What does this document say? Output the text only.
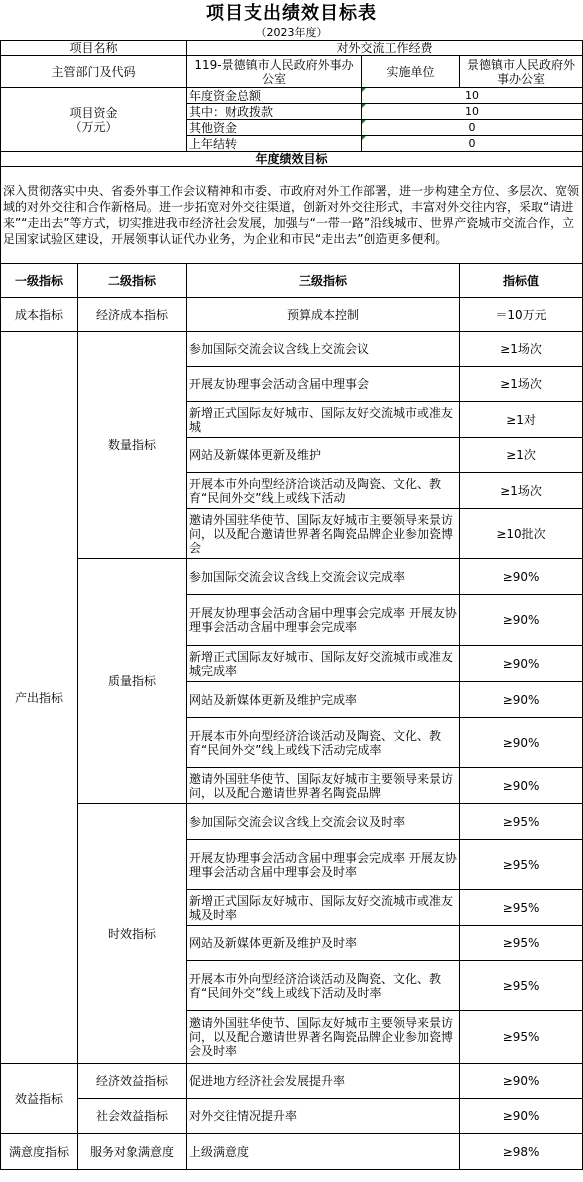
项目支出绩效目标表
（2023年度）
项目名称		对外交流工作经费		
主管部门及代码		119-景德镇市人民政府外事办公室	实施单位	景德镇市人民政府外事办公室
项目资金
（万元）		年度资金总额	10	
		其中：财政拨款	10	
		其他资金	0	
		上年结转	0	
年度绩效目标				
深入贯彻落实中央、省委外事工作会议精神和市委、市政府对外工作部署，进一步构建全方位、多层次、宽领域的对外交往和合作新格局。进一步拓宽对外交往渠道，创新对外交往形式，丰富对外交往内容，采取“请进来”“走出去”等方式，切实推进我市经济社会发展，加强与“一带一路”沿线城市、世界产瓷城市交流合作，立足国家试验区建设，开展领事认证代办业务，为企业和市民“走出去”创造更多便利。				
一级指标	二级指标	三级指标		指标值
成本指标	经济成本指标	预算成本控制		＝10万元
产出指标	数量指标	参加国际交流会议含线上交流会议		≥1场次
		开展友协理事会活动含届中理事会		≥1场次
		新增正式国际友好城市、国际友好交流城市或准友城		≥1对
		网站及新媒体更新及维护		≥1次
		开展本市外向型经济洽谈活动及陶瓷、文化、教育“民间外交”线上或线下活动		≥1场次
		邀请外国驻华使节、国际友好城市主要领导来景访问，以及配合邀请世界著名陶瓷品牌企业参加瓷博会		≥10批次
	质量指标	参加国际交流会议含线上交流会议完成率		≥90%
		开展友协理事会活动含届中理事会完成率 开展友协理事会活动含届中理事会完成率		≥90%
		新增正式国际友好城市、国际友好交流城市或准友城完成率		≥90%
		网站及新媒体更新及维护完成率		≥90%
		开展本市外向型经济洽谈活动及陶瓷、文化、教育“民间外交”线上或线下活动完成率		≥90%
		邀请外国驻华使节、国际友好城市主要领导来景访问，以及配合邀请世界著名陶瓷品牌		≥90%
	时效指标	参加国际交流会议含线上交流会议及时率		≥95%
		开展友协理事会活动含届中理事会完成率 开展友协理事会活动含届中理事会及时率		≥95%
		新增正式国际友好城市、国际友好交流城市或准友城及时率		≥95%
		网站及新媒体更新及维护及时率		≥95%
		开展本市外向型经济洽谈活动及陶瓷、文化、教育“民间外交”线上或线下活动及时率		≥95%
		邀请外国驻华使节、国际友好城市主要领导来景访问，以及配合邀请世界著名陶瓷品牌企业参加瓷博会及时率		≥95%
效益指标	经济效益指标	促进地方经济社会发展提升率		≥90%
	社会效益指标	对外交往情况提升率		≥90%
满意度指标	服务对象满意度	上级满意度		≥98%
